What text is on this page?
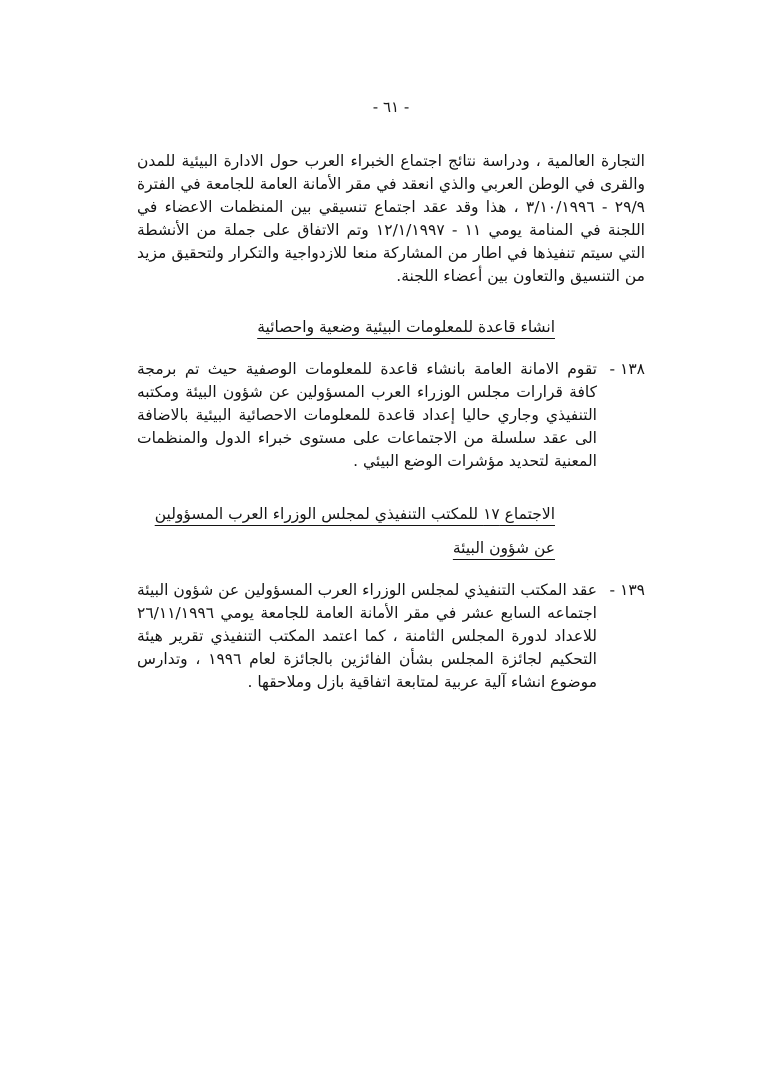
- ٦١ -

التجارة العالمية ، ودراسة نتائج اجتماع الخبراء العرب حول الادارة البيئية للمدن والقرى في الوطن العربي والذي انعقد في مقر الأمانة العامة للجامعة في الفترة ٢٩/٩ - ٣/١٠/١٩٩٦ ، هذا وقد عقد اجتماع تنسيقي بين المنظمات الاعضاء في اللجنة في المنامة يومي ١١ - ١٢/١/١٩٩٧ وتم الاتفاق على جملة من الأنشطة التي سيتم تنفيذها في اطار من المشاركة منعا للازدواجية والتكرار ولتحقيق مزيد من التنسيق والتعاون بين أعضاء اللجنة.

انشاء قاعدة للمعلومات البيئية وضعية واحصائية
١٣٨ -

تقوم الامانة العامة بانشاء قاعدة للمعلومات الوصفية حيث تم برمجة كافة قرارات مجلس الوزراء العرب المسؤولين عن شؤون البيئة ومكتبه التنفيذي وجاري حاليا إعداد قاعدة للمعلومات الاحصائية البيئية بالاضافة الى عقد سلسلة من الاجتماعات على مستوى خبراء الدول والمنظمات المعنية لتحديد مؤشرات الوضع البيئي .

الاجتماع ١٧ للمكتب التنفيذي لمجلس الوزراء العرب المسؤولين عن شؤون البيئة
١٣٩ -

عقد المكتب التنفيذي لمجلس الوزراء العرب المسؤولين عن شؤون البيئة اجتماعه السابع عشر في مقر الأمانة العامة للجامعة يومي ٢٦/١١/١٩٩٦ للاعداد لدورة المجلس الثامنة ، كما اعتمد المكتب التنفيذي تقرير هيئة التحكيم لجائزة المجلس بشأن الفائزين بالجائزة لعام ١٩٩٦ ، وتدارس موضوع انشاء آلية عربية لمتابعة اتفاقية بازل وملاحقها .
